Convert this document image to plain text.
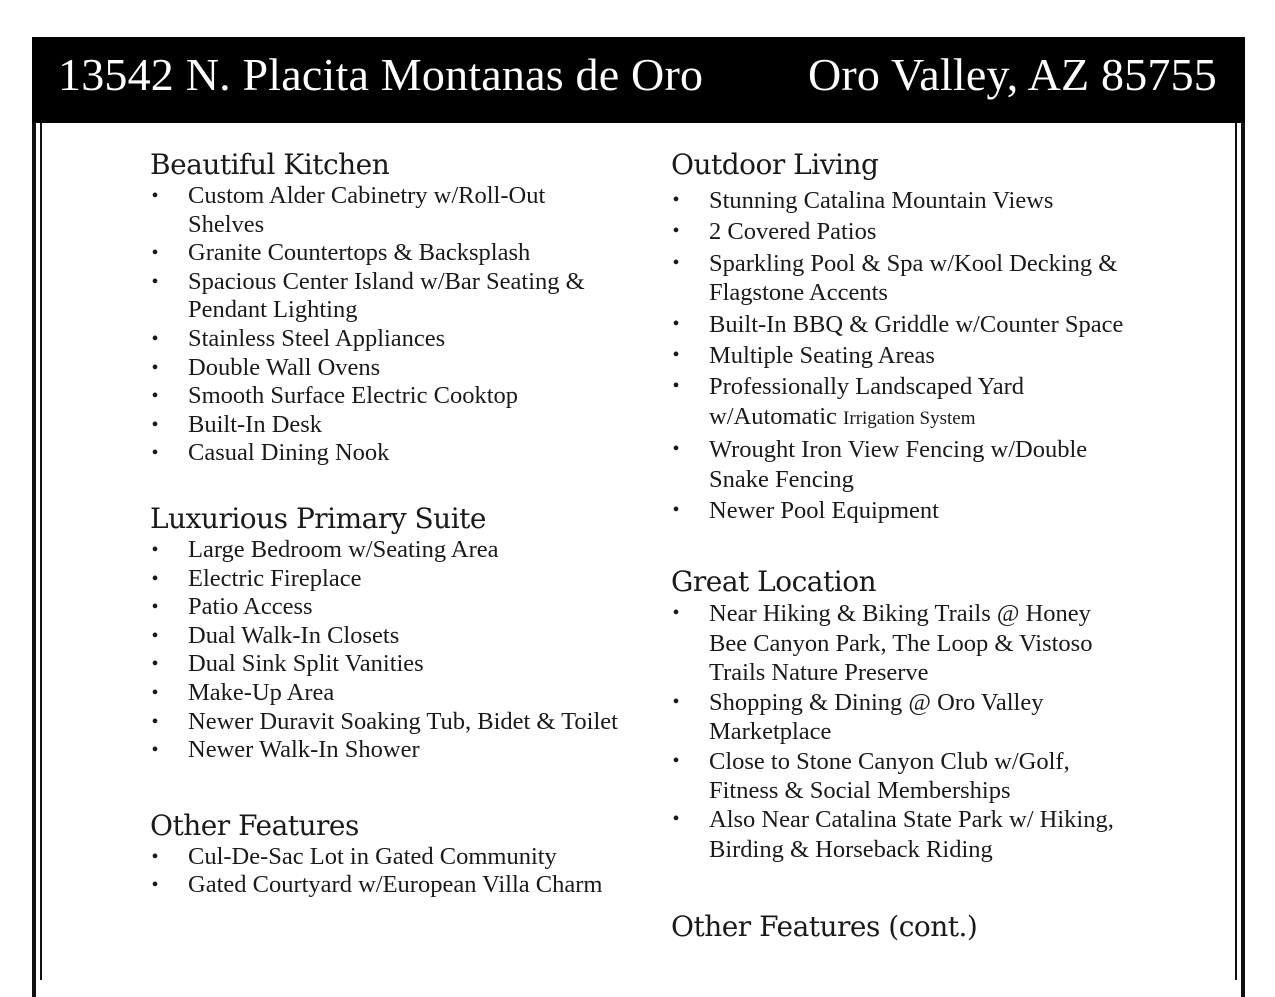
13542 N. Placita Montanas de Oro Oro Valley, AZ 85755
Beautiful Kitchen
• Custom Alder Cabinetry w/Roll-Out Shelves
• Granite Countertops & Backsplash
• Spacious Center Island w/Bar Seating & Pendant Lighting
• Stainless Steel Appliances
• Double Wall Ovens
• Smooth Surface Electric Cooktop
• Built-In Desk
• Casual Dining Nook
Luxurious Primary Suite
• Large Bedroom w/Seating Area
• Electric Fireplace
• Patio Access
• Dual Walk-In Closets
• Dual Sink Split Vanities
• Make-Up Area
• Newer Duravit Soaking Tub, Bidet & Toilet
• Newer Walk-In Shower
Other Features
• Cul-De-Sac Lot in Gated Community
• Gated Courtyard w/European Villa Charm
Outdoor Living
• Stunning Catalina Mountain Views
• 2 Covered Patios
• Sparkling Pool & Spa w/Kool Decking & Flagstone Accents
• Built-In BBQ & Griddle w/Counter Space
• Multiple Seating Areas
• Professionally Landscaped Yard w/Automatic Irrigation System
• Wrought Iron View Fencing w/Double Snake Fencing
• Newer Pool Equipment
Great Location
• Near Hiking & Biking Trails @ Honey Bee Canyon Park, The Loop & Vistoso Trails Nature Preserve
• Shopping & Dining @ Oro Valley Marketplace
• Close to Stone Canyon Club w/Golf, Fitness & Social Memberships
• Also Near Catalina State Park w/ Hiking, Birding & Horseback Riding
Other Features (cont.)
